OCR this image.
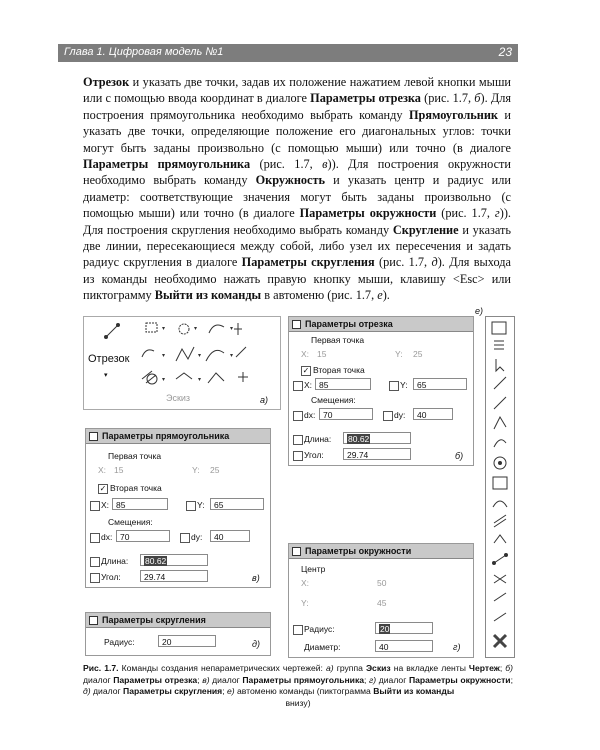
Глава 1. Цифровая модель №1	23
Отрезок и указать две точки, задав их положение нажатием левой кнопки мыши или с помощью ввода координат в диалоге Параметры отрезка (рис. 1.7, б). Для построения прямоугольника необходимо выбрать команду Прямоугольник и указать две точки, определяющие положение его диагональных углов: точки могут быть заданы произвольно (с помощью мыши) или точно (в диалоге Параметры прямоугольника (рис. 1.7, в)). Для построения окружности необходимо выбрать команду Окружность и указать центр и радиус или диаметр: соответствующие значения могут быть заданы произвольно (с помощью мыши) или точно (в диалоге Параметры окружности (рис. 1.7, г)). Для построения скругления необходимо выбрать команду Скругление и указать две линии, пересекающиеся между собой, либо узел их пересечения и задать радиус скругления в диалоге Параметры скругления (рис. 1.7, д). Для выхода из команды необходимо нажать правую кнопку мыши, клавишу <Esc> или пиктограмму Выйти из команды в автоменю (рис. 1.7, е).
▾	▾	▾
▾	▾	▾
▾	▾
Отрезок
▾
Эскиз	а)
Параметры отрезка
Первая точка
X: 15	Y: 25
✓ Вторая точка
X: 85	Y:	65
Смещения:
dx: 70	dy:	40
Длина:	80.62
Угол:	29.74	б)
Параметры прямоугольника
Первая точка
X: 15	Y: 25
✓ Вторая точка
X: 85	Y:	65
Смещения:
dx: 70	dy:	40
Длина:	80.62
Угол:	29.74	в)
Параметры окружности
Центр
X:	50
Y:	45
Радиус:	20
Диаметр:	40	г)
Параметры скругления
Радиус:	20	д)
е)
Рис. 1.7. Команды создания непараметрических чертежей: а) группа Эскиз на вкладке ленты Чертеж; б) диалог Параметры отрезка; в) диалог Параметры прямоугольника; г) диалог Параметры окружности; д) диалог Параметры скругления; е) автоменю команды (пиктограмма Выйти из команды
внизу)
